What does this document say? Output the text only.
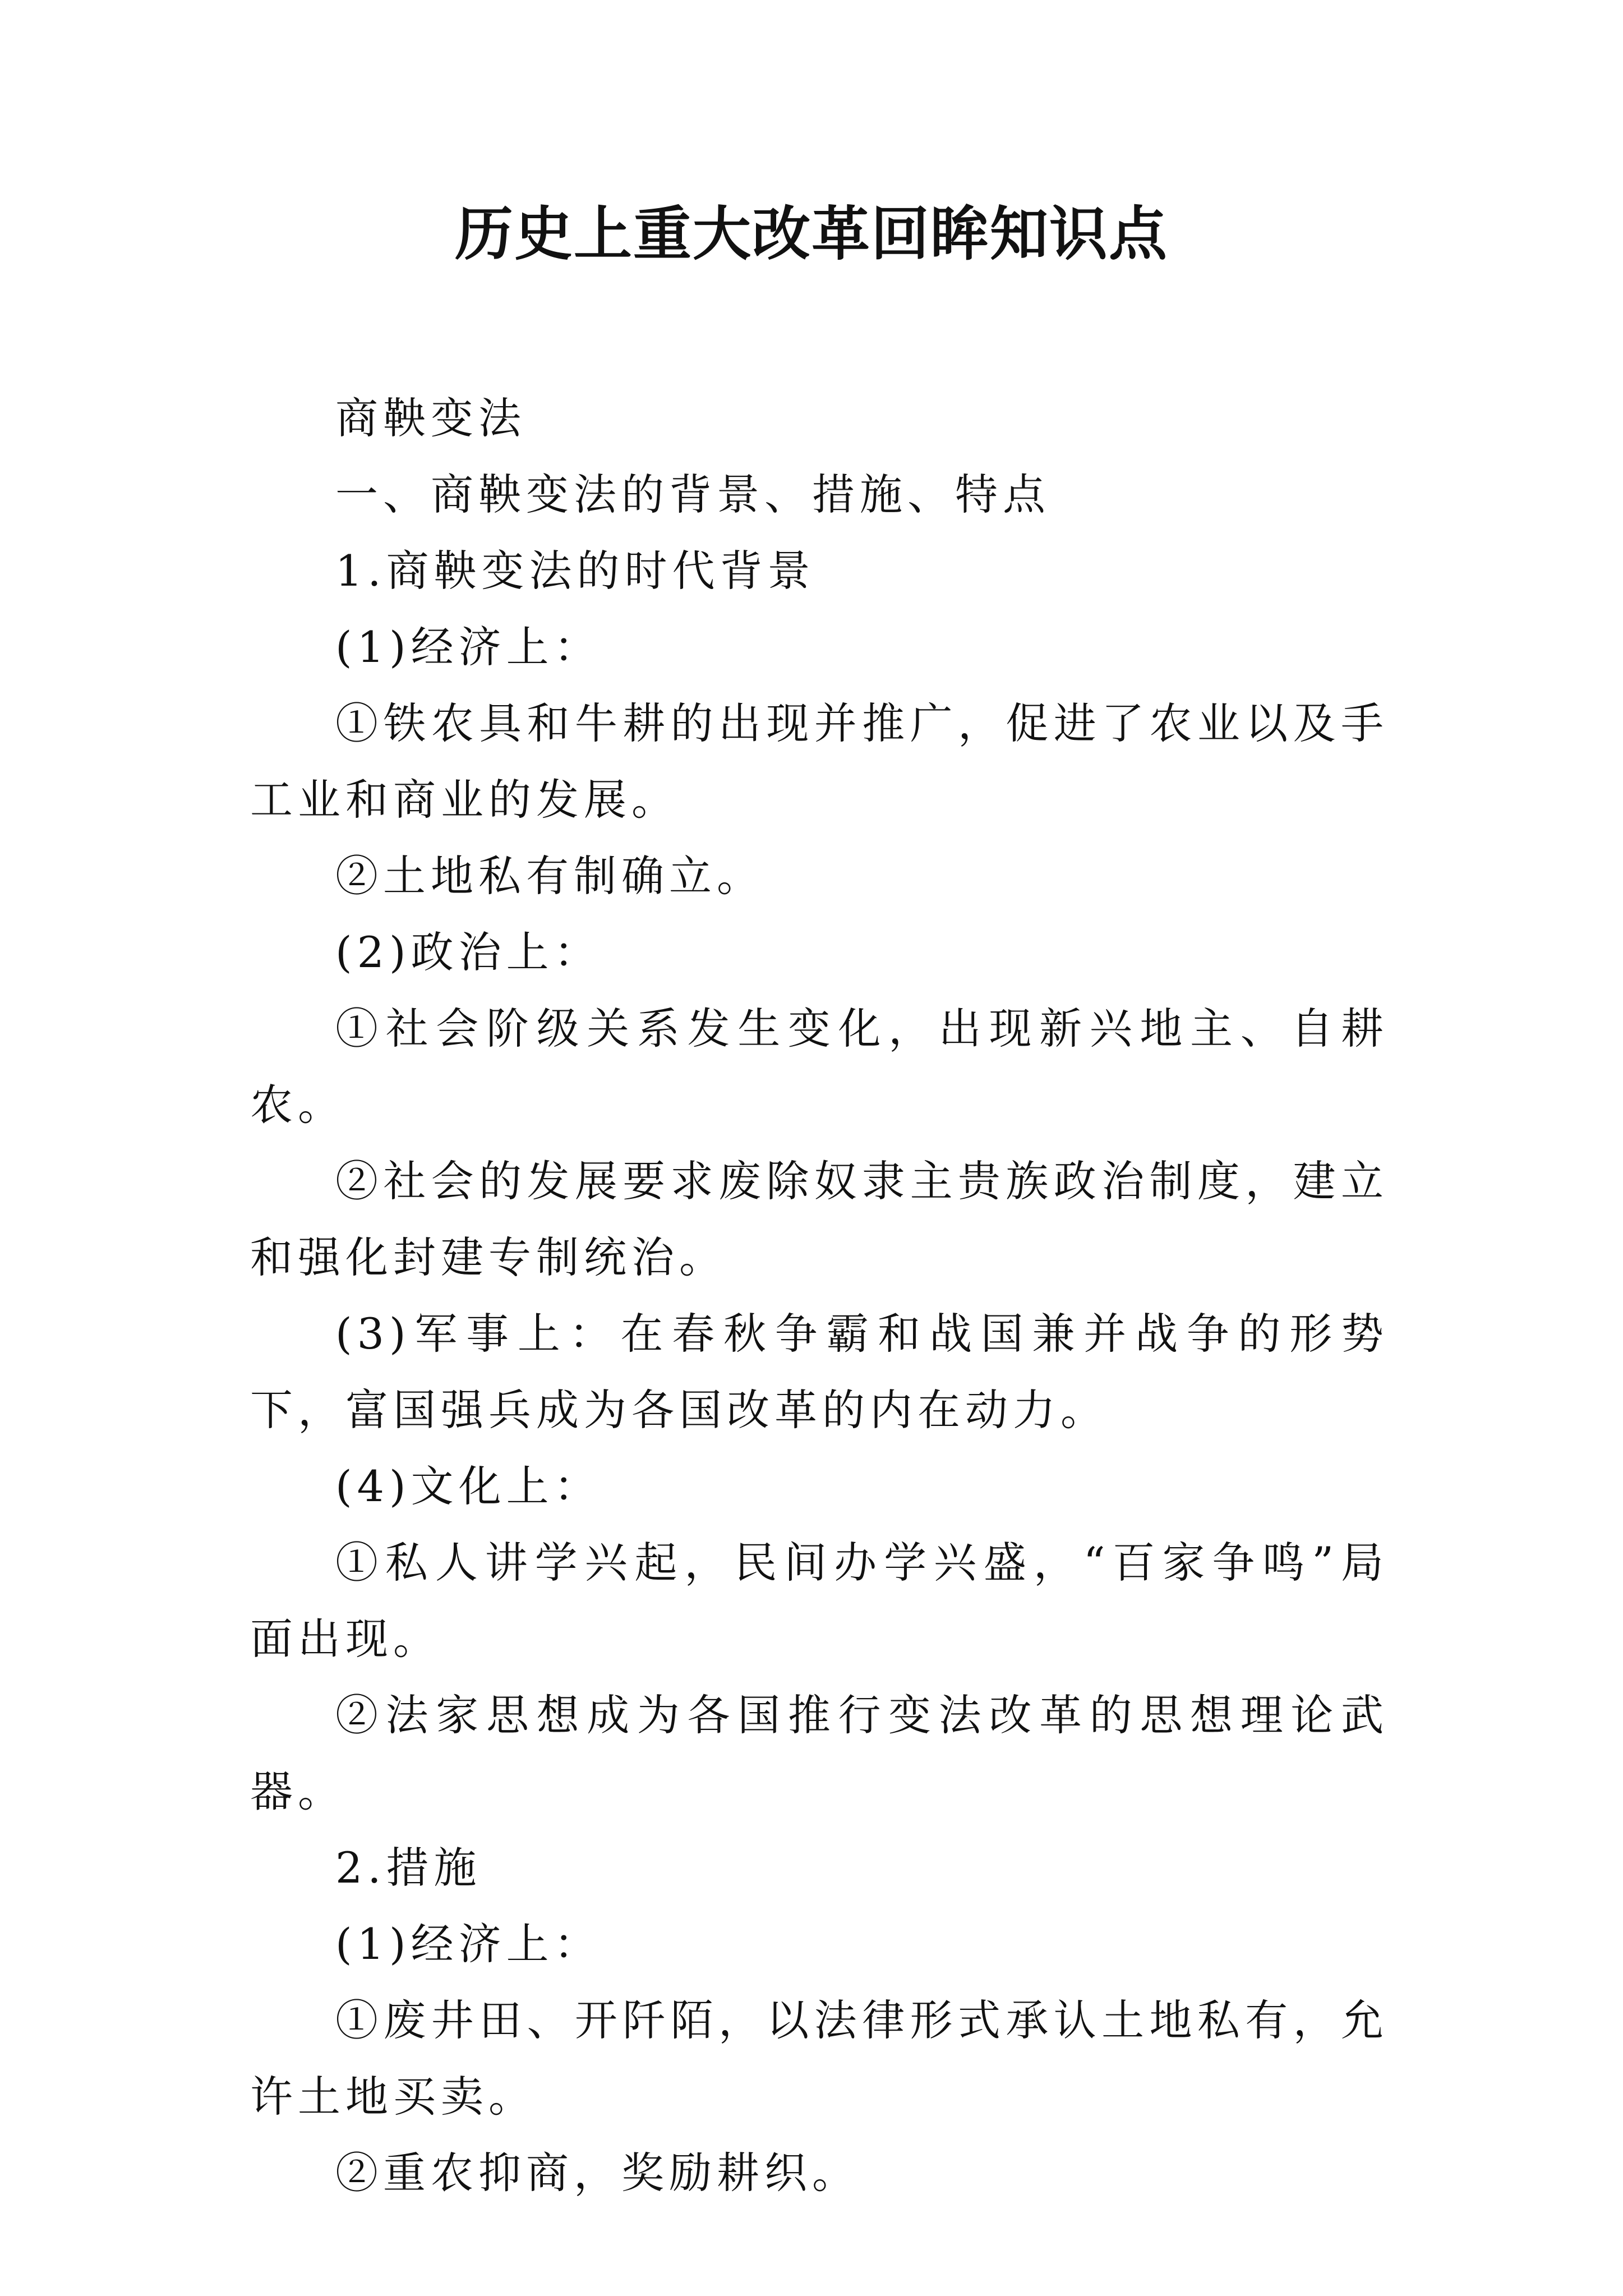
历史上重大改革回眸知识点

商鞅变法

一、商鞅变法的背景、措施、特点

1.商鞅变法的时代背景

(1)经济上：

①铁农具和牛耕的出现并推广，促进了农业以及手工业和商业的发展。

②土地私有制确立。

(2)政治上：

①社会阶级关系发生变化，出现新兴地主、自耕农。

②社会的发展要求废除奴隶主贵族政治制度，建立和强化封建专制统治。

(3)军事上：在春秋争霸和战国兼并战争的形势下，富国强兵成为各国改革的内在动力。

(4)文化上：

①私人讲学兴起，民间办学兴盛，“百家争鸣”局面出现。

②法家思想成为各国推行变法改革的思想理论武器。

2.措施

(1)经济上：

①废井田、开阡陌，以法律形式承认土地私有，允许土地买卖。

②重农抑商，奖励耕织。
